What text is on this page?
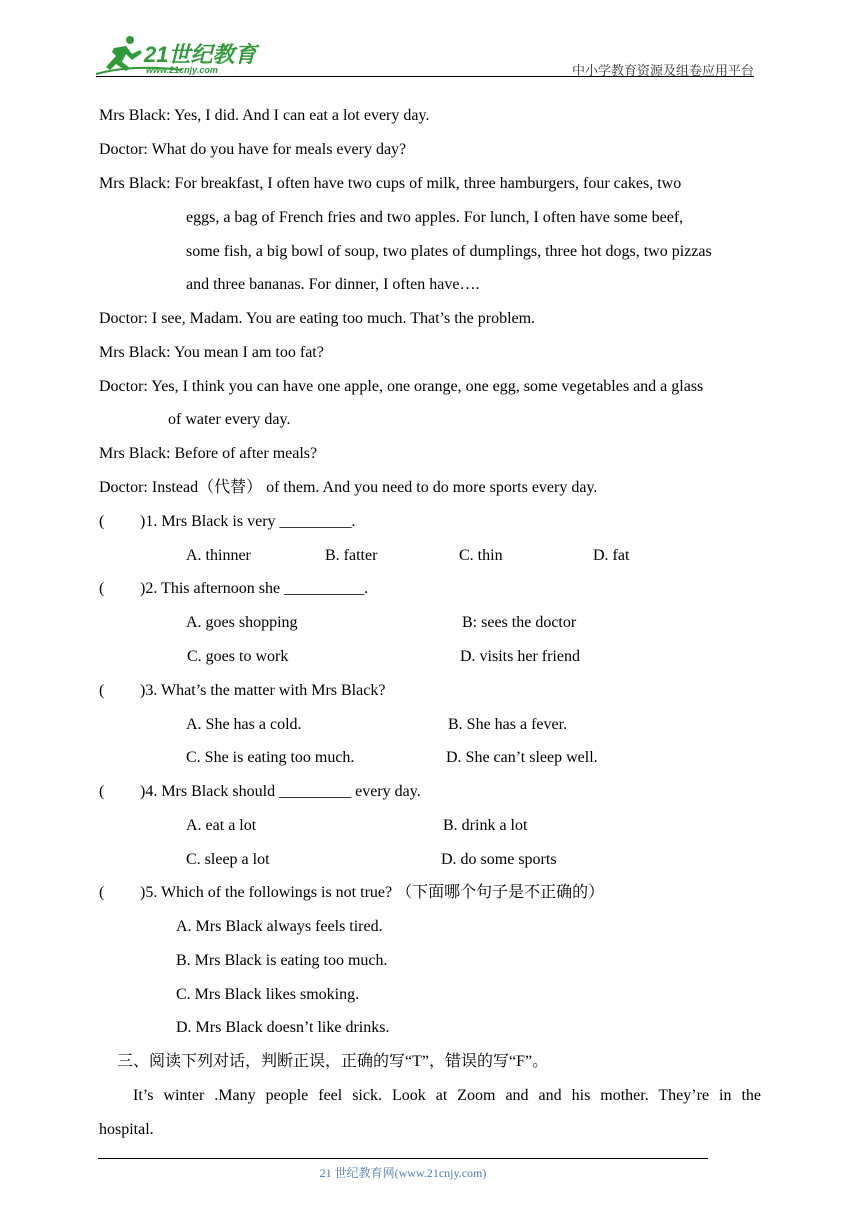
21世纪教育
www.21cnjy.com	中小学教育资源及组卷应用平台
Mrs Black: Yes, I did. And I can eat a lot every day.
Doctor: What do you have for meals every day?
Mrs Black: For breakfast, I often have two cups of milk, three hamburgers, four cakes, two
eggs, a bag of French fries and two apples. For lunch, I often have some beef,
some fish, a big bowl of soup, two plates of dumplings, three hot dogs, two pizzas
and three bananas. For dinner, I often have….
Doctor: I see, Madam. You are eating too much. That’s the problem.
Mrs Black: You mean I am too fat?
Doctor: Yes, I think you can have one apple, one orange, one egg, some vegetables and a glass
of water every day.
Mrs Black: Before of after meals?
Doctor: Instead（代替） of them. And you need to do more sports every day.
( )1. Mrs Black is very _________.
A. thinner	B. fatter	C. thin	D. fat
( )2. This afternoon she __________.
A. goes shopping	B: sees the doctor
C. goes to work	D. visits her friend
( )3. What’s the matter with Mrs Black?
A. She has a cold.	B. She has a fever.
C. She is eating too much.	D. She can’t sleep well.
( )4. Mrs Black should _________ every day.
A. eat a lot	B. drink a lot
C. sleep a lot	D. do some sports
( )5. Which of the followings is not true? （下面哪个句子是不正确的）
A. Mrs Black always feels tired.
B. Mrs Black is eating too much.
C. Mrs Black likes smoking.
D. Mrs Black doesn’t like drinks.
三、阅读下列对话，判断正误，正确的写“T”，错误的写“F”。
It’s winter .Many people feel sick. Look at Zoom and and his mother. They’re in the
hospital.
21 世纪教育网(www.21cnjy.com)
